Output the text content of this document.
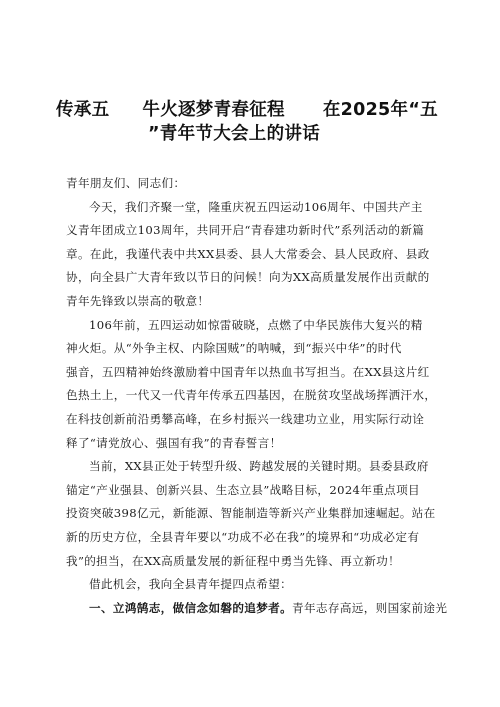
传承五 牛火逐梦青春征程 在2025年“五
”青年节大会上的讲话
青年朋友们、同志们：
今天，我们齐聚一堂，隆重庆祝五四运动106周年、中国共产主
义青年团成立103周年，共同开启“青春建功新时代”系列活动的新篇
章。在此，我谨代表中共XX县委、县人大常委会、县人民政府、县政
协，向全县广大青年致以节日的问候！向为XX高质量发展作出贡献的
青年先锋致以崇高的敬意！
106年前，五四运动如惊雷破晓，点燃了中华民族伟大复兴的精
神火炬。从“外争主权、内除国贼”的呐喊，到“振兴中华”的时代
强音，五四精神始终激励着中国青年以热血书写担当。在XX县这片红
色热土上，一代又一代青年传承五四基因，在脱贫攻坚战场挥洒汗水，
在科技创新前沿勇攀高峰，在乡村振兴一线建功立业，用实际行动诠
释了“请党放心、强国有我”的青春誓言！
当前，XX县正处于转型升级、跨越发展的关键时期。县委县政府
锚定“产业强县、创新兴县、生态立县”战略目标，2024年重点项目
投资突破398亿元，新能源、智能制造等新兴产业集群加速崛起。站在
新的历史方位，全县青年要以“功成不必在我”的境界和“功成必定有
我”的担当，在XX高质量发展的新征程中勇当先锋、再立新功！
借此机会，我向全县青年提四点希望：
一、立鸿鹄志，做信念如磐的追梦者。青年志存高远，则国家前途光
